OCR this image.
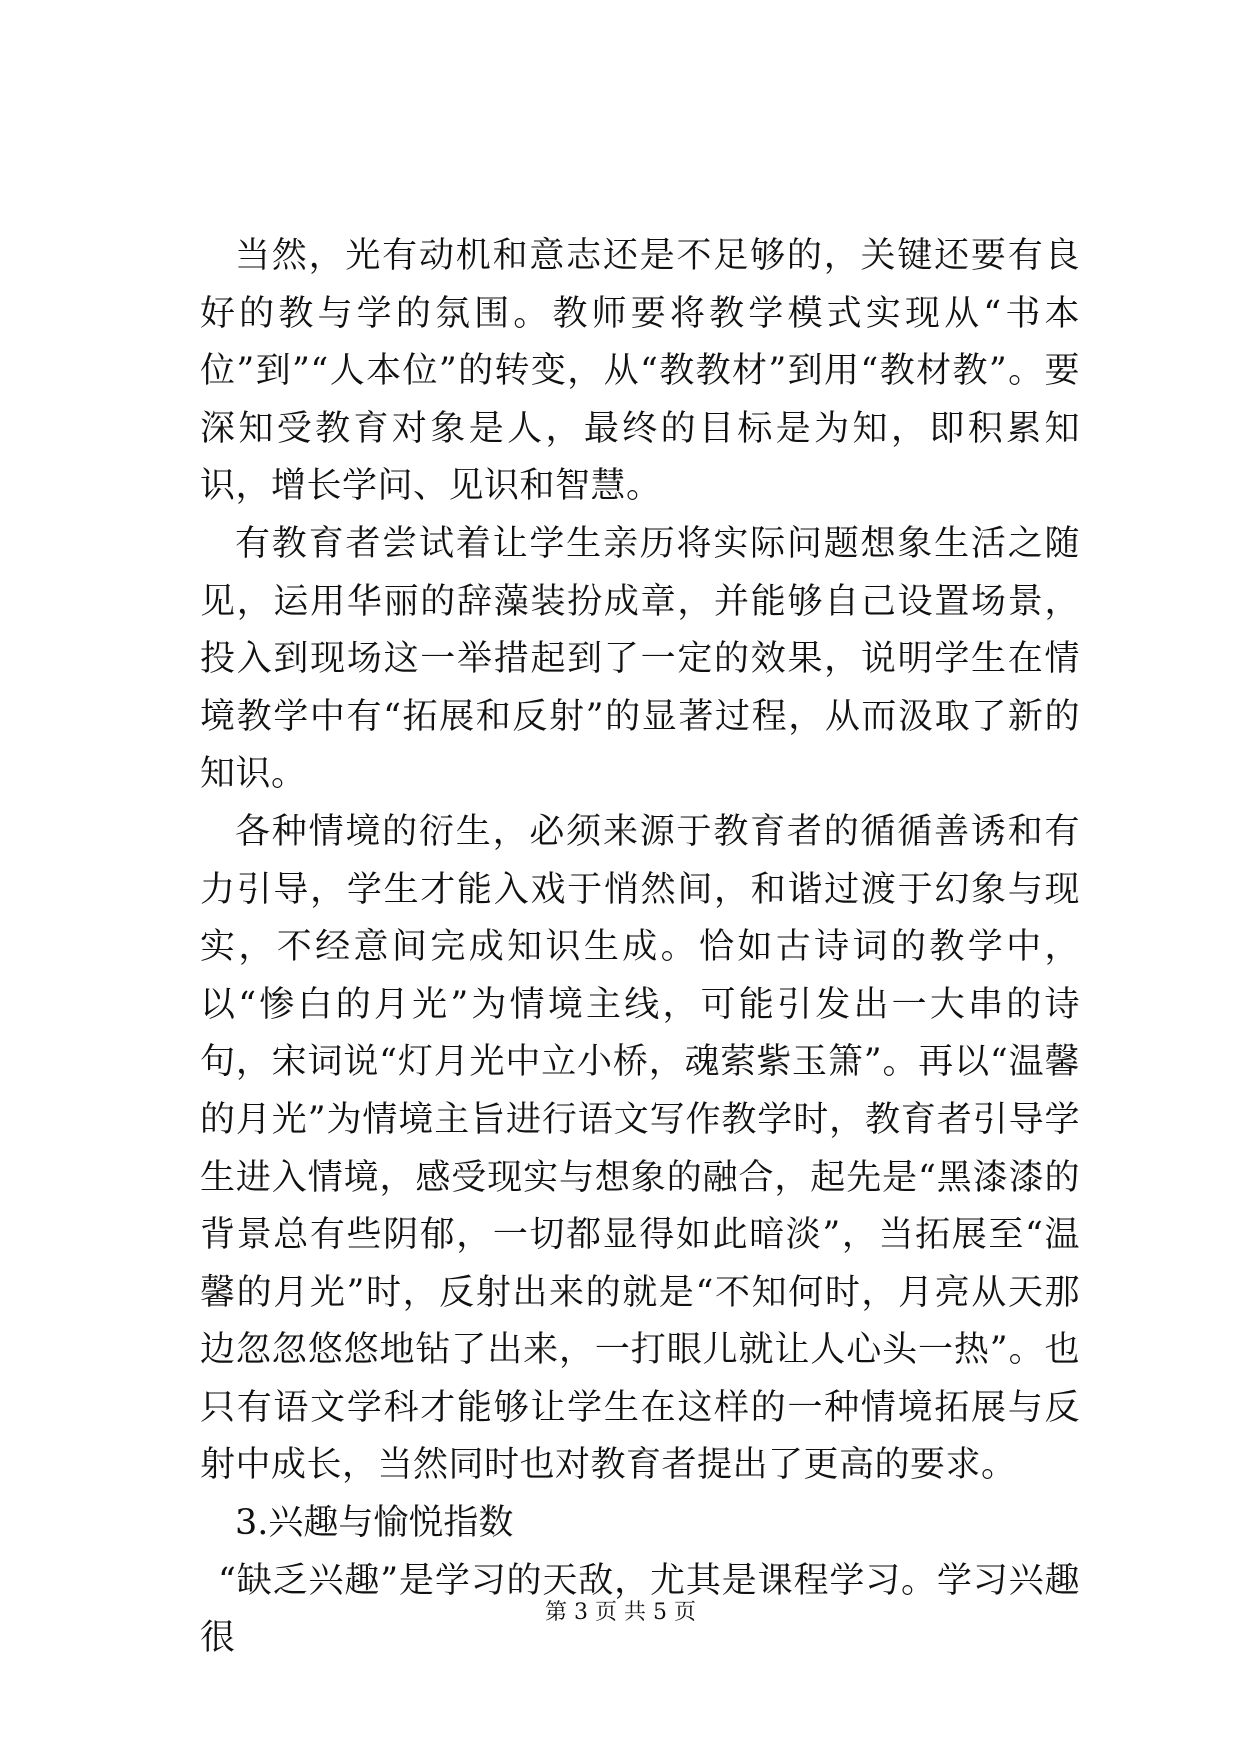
当然，光有动机和意志还是不足够的，关键还要有良好的教与学的氛围。教师要将教学模式实现从“书本位”到”“人本位”的转变，从“教教材”到用“教材教”。要深知受教育对象是人，最终的目标是为知，即积累知识，增长学问、见识和智慧。

有教育者尝试着让学生亲历将实际问题想象生活之随见，运用华丽的辞藻装扮成章，并能够自己设置场景，投入到现场这一举措起到了一定的效果，说明学生在情境教学中有“拓展和反射”的显著过程，从而汲取了新的知识。

各种情境的衍生，必须来源于教育者的循循善诱和有力引导，学生才能入戏于悄然间，和谐过渡于幻象与现实，不经意间完成知识生成。恰如古诗词的教学中，以“惨白的月光”为情境主线，可能引发出一大串的诗句，宋词说“灯月光中立小桥，魂萦紫玉箫”。再以“温馨的月光”为情境主旨进行语文写作教学时，教育者引导学生进入情境，感受现实与想象的融合，起先是“黑漆漆的背景总有些阴郁，一切都显得如此暗淡”，当拓展至“温馨的月光”时，反射出来的就是“不知何时，月亮从天那边忽忽悠悠地钻了出来，一打眼儿就让人心头一热”。也只有语文学科才能够让学生在这样的一种情境拓展与反射中成长，当然同时也对教育者提出了更高的要求。

3.兴趣与愉悦指数

“缺乏兴趣”是学习的天敌，尤其是课程学习。学习兴趣很

第 3 页 共 5 页
